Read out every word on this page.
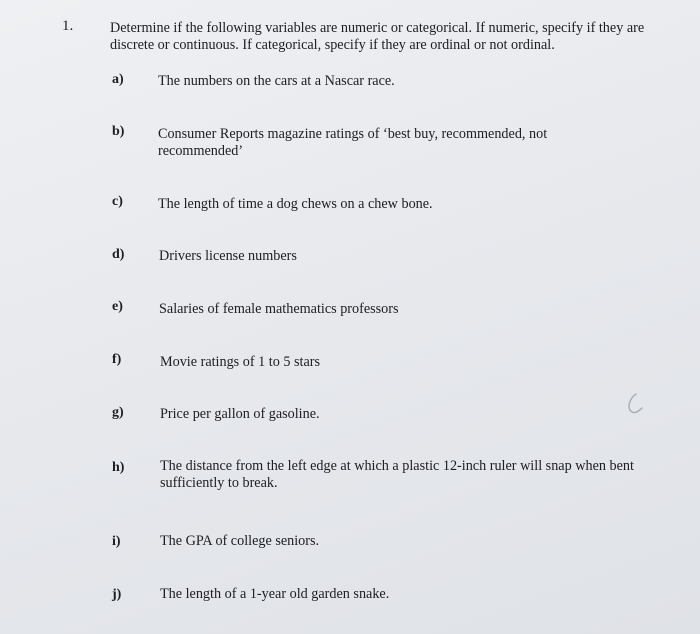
1.	Determine if the following variables are numeric or categorical. If numeric, specify if they are discrete or continuous. If categorical, specify if they are ordinal or not ordinal.
a) The numbers on the cars at a Nascar race.
b) Consumer Reports magazine ratings of ‘best buy, recommended, not recommended’
c) The length of time a dog chews on a chew bone.
d) Drivers license numbers
e)	Salaries of female mathematics professors
f)	Movie ratings of 1 to 5 stars
g)	Price per gallon of gasoline.
h)	The distance from the left edge at which a plastic 12-inch ruler will snap when bent sufficiently to break.
i)	The GPA of college seniors.
j)	The length of a 1-year old garden snake.
